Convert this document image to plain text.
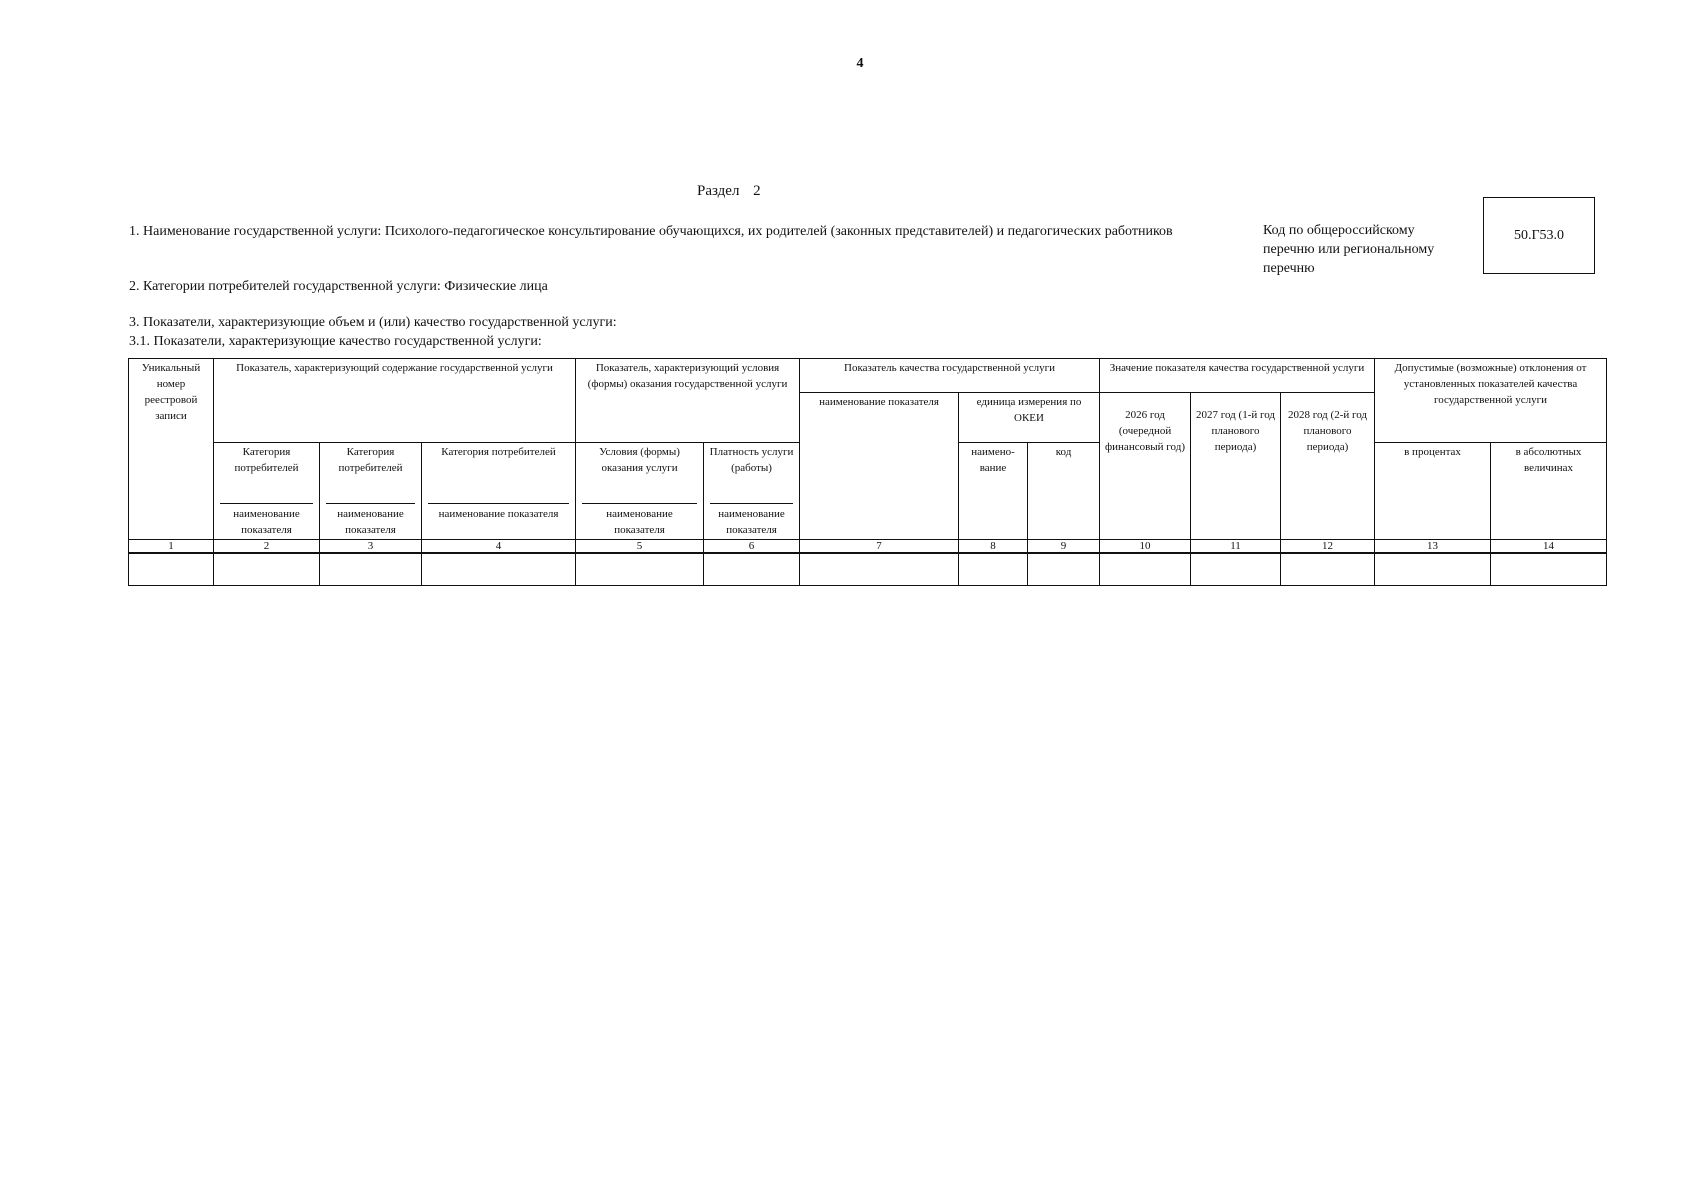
4
Раздел 2
1. Наименование государственной услуги: Психолого-педагогическое консультирование обучающихся, их родителей (законных представителей) и педагогических работников	Код по общероссийскому перечню или региональному перечню
50.Г53.0
2. Категории потребителей государственной услуги: Физические лица
3. Показатели, характеризующие объем и (или) качество государственной услуги:
3.1. Показатели, характеризующие качество государственной услуги:
Уникальный номер реестровой записи	Показатель, характеризующий содержание государственной услуги			Показатель, характеризующий условия (формы) оказания государственной услуги		Показатель качества государственной услуги			Значение показателя качества государственной услуги			Допустимые (возможные) отклонения от установленных показателей качества государственной услуги	
						наименование показателя	единица измерения по ОКЕИ		2026 год (очередной финансовый год)	2027 год (1-й год планового периода)	2028 год (2-й год планового периода)		
	Категория потребителей	Категория потребителей	Категория потребителей	Условия (формы) оказания услуги	Платность услуги (работы)		наимено-вание	код				в процентах	в абсолютных величинах

	наименование показателя	наименование показателя	наименование показателя	наименование показателя	наименование показателя								

1	2	3	4	5	6	7	8	9	10	11	12	13	14
